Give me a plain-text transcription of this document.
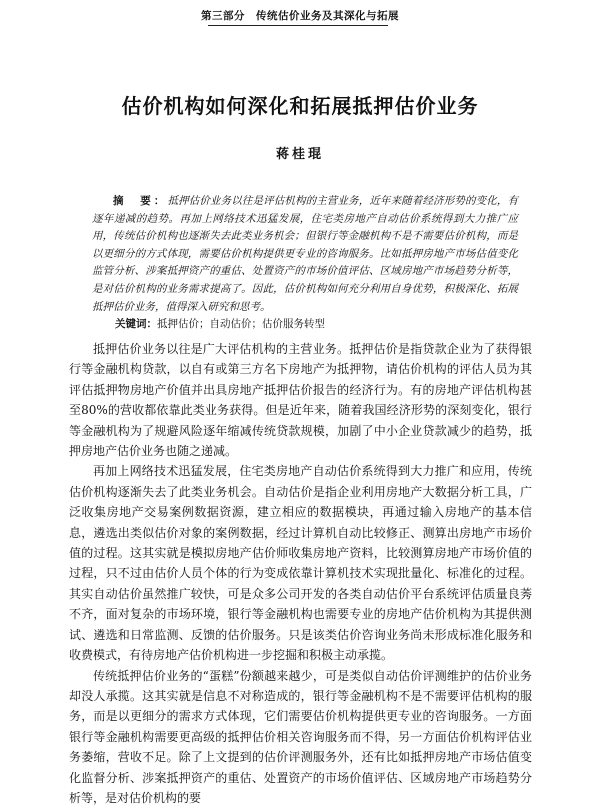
第三部分　传统估价业务及其深化与拓展
估价机构如何深化和拓展抵押估价业务
蒋桂琨
摘　要：抵押估价业务以往是评估机构的主营业务，近年来随着经济形势的变化，有逐年递减的趋势。再加上网络技术迅猛发展，住宅类房地产自动估价系统得到大力推广应用，传统估价机构也逐渐失去此类业务机会；但银行等金融机构不是不需要估价机构，而是以更细分的方式体现，需要估价机构提供更专业的咨询服务。比如抵押房地产市场估值变化监管分析、涉案抵押资产的重估、处置资产的市场价值评估、区域房地产市场趋势分析等，是对估价机构的业务需求提高了。因此，估价机构如何充分利用自身优势，积极深化、拓展抵押估价业务，值得深入研究和思考。
关键词：抵押估价；自动估价；估价服务转型

抵押估价业务以往是广大评估机构的主营业务。抵押估价是指贷款企业为了获得银行等金融机构贷款，以自有或第三方名下房地产为抵押物，请估价机构的评估人员为其评估抵押物房地产价值并出具房地产抵押估价报告的经济行为。有的房地产评估机构甚至80%的营收都依靠此类业务获得。但是近年来，随着我国经济形势的深刻变化，银行等金融机构为了规避风险逐年缩减传统贷款规模，加剧了中小企业贷款减少的趋势，抵押房地产估价业务也随之递减。

再加上网络技术迅猛发展，住宅类房地产自动估价系统得到大力推广和应用，传统估价机构逐渐失去了此类业务机会。自动估价是指企业利用房地产大数据分析工具，广泛收集房地产交易案例数据资源，建立相应的数据模块，再通过输入房地产的基本信息，遴选出类似估价对象的案例数据，经过计算机自动比较修正、测算出房地产市场价值的过程。这其实就是模拟房地产估价师收集房地产资料，比较测算房地产市场价值的过程，只不过由估价人员个体的行为变成依靠计算机技术实现批量化、标准化的过程。其实自动估价虽然推广较快，可是众多公司开发的各类自动估价平台系统评估质量良莠不齐，面对复杂的市场环境，银行等金融机构也需要专业的房地产估价机构为其提供测试、遴选和日常监测、反馈的估价服务。只是该类估价咨询业务尚未形成标准化服务和收费模式，有待房地产估价机构进一步挖掘和积极主动承揽。

传统抵押估价业务的“蛋糕”份额越来越少，可是类似自动估价评测维护的估价业务却没人承揽。这其实就是信息不对称造成的，银行等金融机构不是不需要评估机构的服务，而是以更细分的需求方式体现，它们需要估价机构提供更专业的咨询服务。一方面银行等金融机构需要更高级的抵押估价相关咨询服务而不得，另一方面估价机构评估业务萎缩，营收不足。除了上文提到的估价评测服务外，还有比如抵押房地产市场估值变化监督分析、涉案抵押资产的重估、处置资产的市场价值评估、区域房地产市场趋势分析等，是对估价机构的要
